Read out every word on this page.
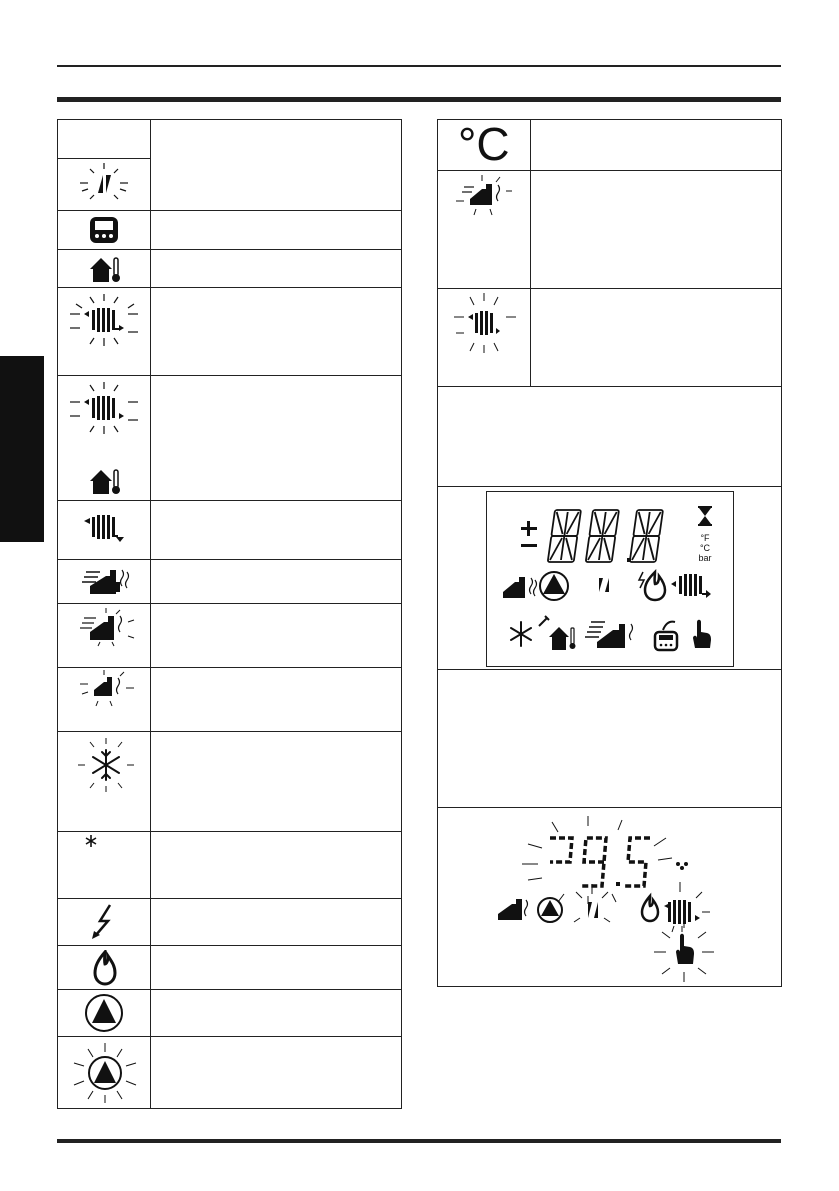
°C
°F
°C
bar
